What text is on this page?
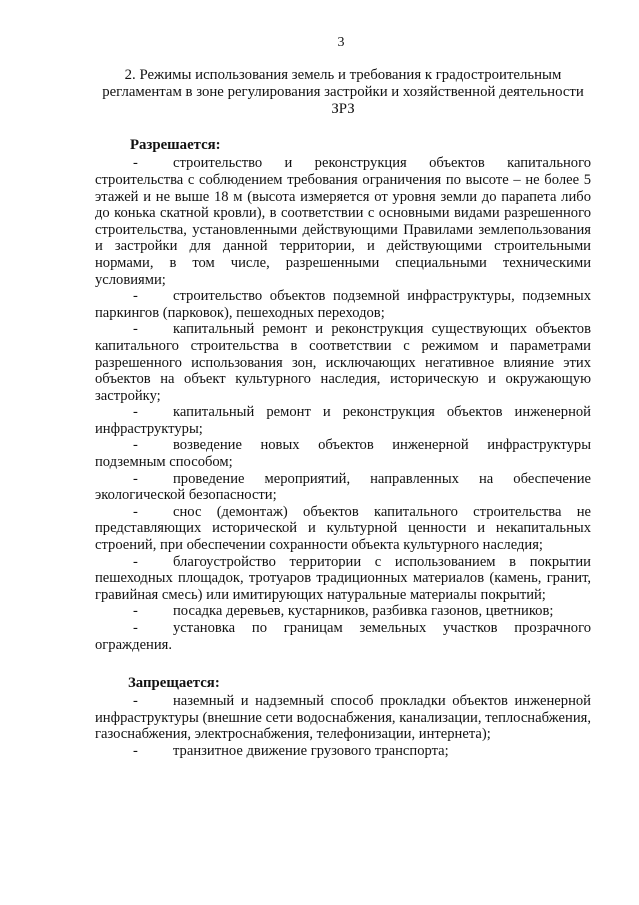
3
2. Режимы использования земель и требования к градостроительным
регламентам в зоне регулирования застройки и хозяйственной деятельности
ЗРЗ
Разрешается:

- строительство и реконструкция объектов капитального строительства с соблюдением требования ограничения по высоте – не более 5 этажей и не выше 18 м (высота измеряется от уровня земли до парапета либо до конька скатной кровли), в соответствии с основными видами разрешенного строительства, установленными действующими Правилами землепользования и застройки для данной территории, и действующими строительными нормами, в том числе, разрешенными специальными техническими условиями;

- строительство объектов подземной инфраструктуры, подземных паркингов (парковок), пешеходных переходов;

- капитальный ремонт и реконструкция существующих объектов капитального строительства в соответствии с режимом и параметрами разрешенного использования зон, исключающих негативное влияние этих объектов на объект культурного наследия, историческую и окружающую застройку;

- капитальный ремонт и реконструкция объектов инженерной инфраструктуры;

- возведение новых объектов инженерной инфраструктуры подземным способом;

- проведение мероприятий, направленных на обеспечение экологической безопасности;

- снос (демонтаж) объектов капитального строительства не представляющих исторической и культурной ценности и некапитальных строений, при обеспечении сохранности объекта культурного наследия;

- благоустройство территории с использованием в покрытии пешеходных площадок, тротуаров традиционных материалов (камень, гранит, гравийная смесь) или имитирующих натуральные материалы покрытий;

- посадка деревьев, кустарников, разбивка газонов, цветников;

- установка по границам земельных участков прозрачного ограждения.

Запрещается:

- наземный и надземный способ прокладки объектов инженерной инфраструктуры (внешние сети водоснабжения, канализации, теплоснабжения, газоснабжения, электроснабжения, телефонизации, интернета);

- транзитное движение грузового транспорта;
